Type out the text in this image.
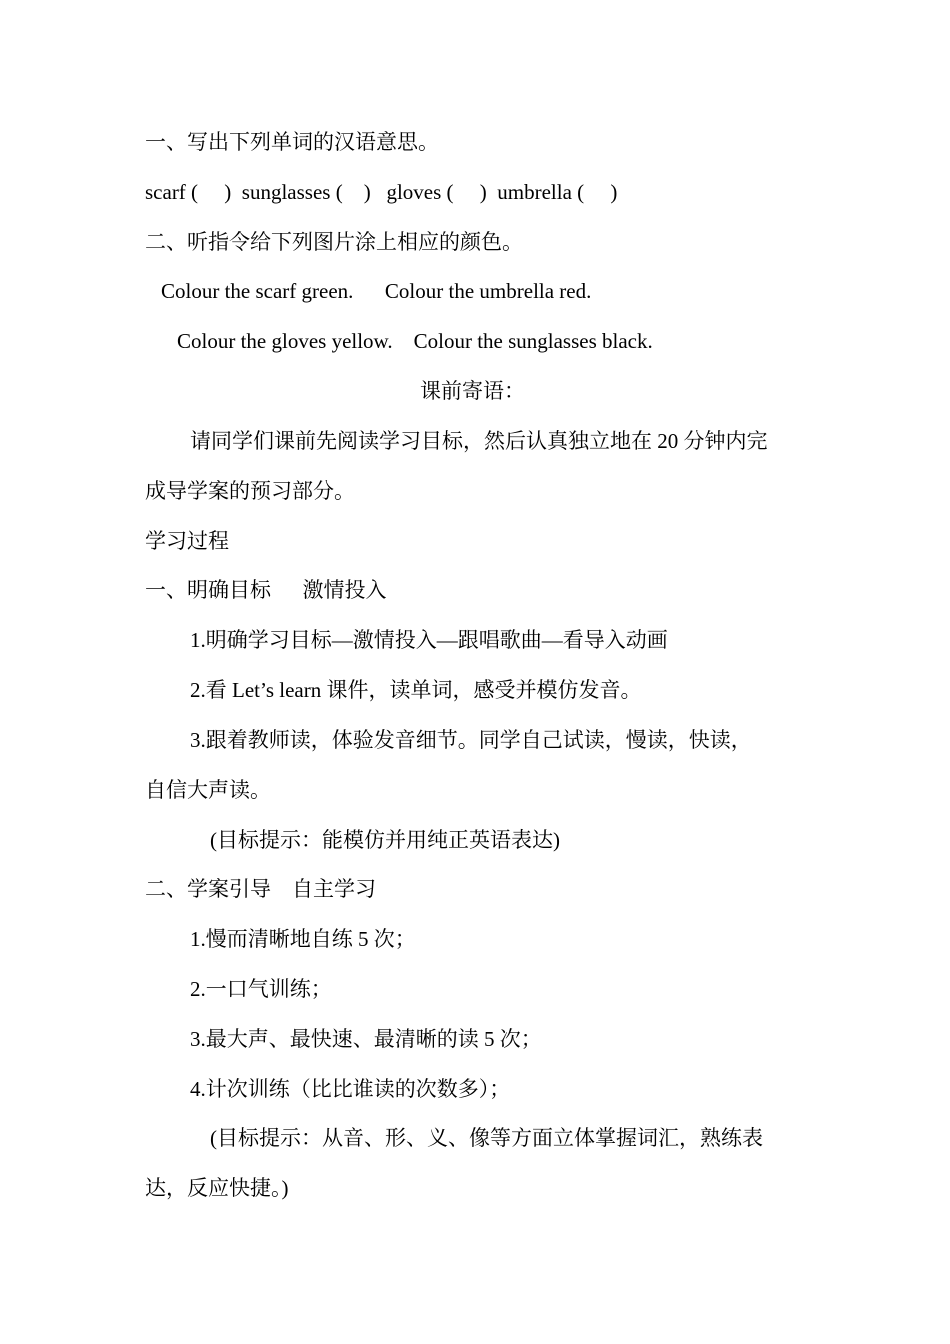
一、写出下列单词的汉语意思。
scarf (     )  sunglasses (    )   gloves (     )  umbrella (     )
二、听指令给下列图片涂上相应的颜色。
Colour the scarf green.      Colour the umbrella red.
Colour the gloves yellow.    Colour the sunglasses black.
课前寄语：
请同学们课前先阅读学习目标，然后认真独立地在 20 分钟内完
成导学案的预习部分。
学习过程
一、明确目标      激情投入
1.明确学习目标—激情投入—跟唱歌曲—看导入动画
2.看 Let’s learn 课件，读单词，感受并模仿发音。
3.跟着教师读，体验发音细节。同学自己试读，慢读，快读，
自信大声读。
(目标提示：能模仿并用纯正英语表达)
二、学案引导    自主学习
1.慢而清晰地自练 5 次；
2.一口气训练；
3.最大声、最快速、最清晰的读 5 次；
4.计次训练（比比谁读的次数多）；
(目标提示：从音、形、义、像等方面立体掌握词汇，熟练表
达，反应快捷。)
